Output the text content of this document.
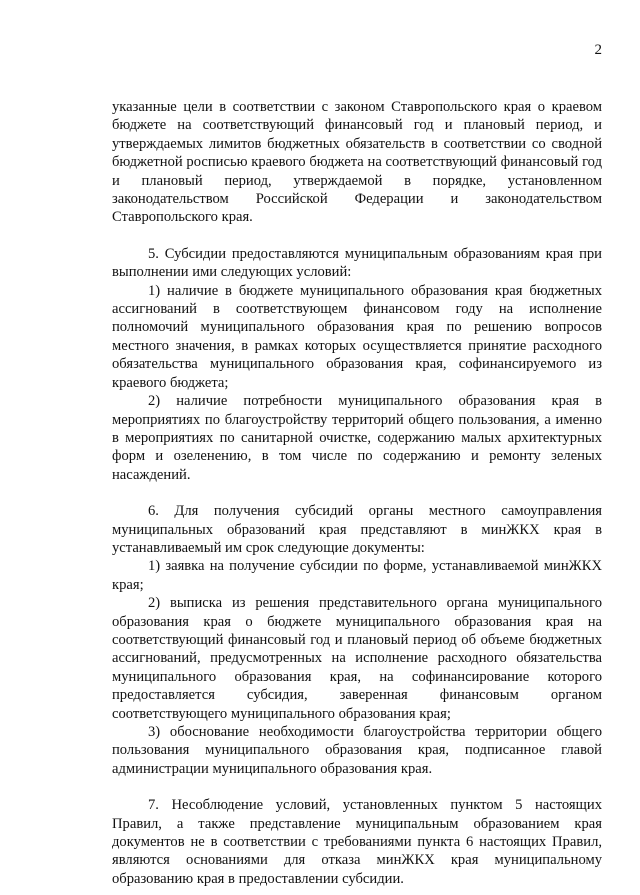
2

указанные цели в соответствии с законом Ставропольского края о краевом бюджете на соответствующий финансовый год и плановый период, и утверждаемых лимитов бюджетных обязательств в соответствии со сводной бюджетной росписью краевого бюджета на соответствующий финансовый год и плановый период, утверждаемой в порядке, установленном законодательством Российской Федерации и законодательством Ставропольского края.

5. Субсидии предоставляются муниципальным образованиям края при выполнении ими следующих условий:

1) наличие в бюджете муниципального образования края бюджетных ассигнований в соответствующем финансовом году на исполнение полномочий муниципального образования края по решению вопросов местного значения, в рамках которых осуществляется принятие расходного обязательства муниципального образования края, софинансируемого из краевого бюджета;

2) наличие потребности муниципального образования края в мероприятиях по благоустройству территорий общего пользования, а именно в мероприятиях по санитарной очистке, содержанию малых архитектурных форм и озеленению, в том числе по содержанию и ремонту зеленых насаждений.

6. Для получения субсидий органы местного самоуправления муниципальных образований края представляют в минЖКХ края в устанавливаемый им срок следующие документы:

1) заявка на получение субсидии по форме, устанавливаемой минЖКХ края;

2) выписка из решения представительного органа муниципального образования края о бюджете муниципального образования края на соответствующий финансовый год и плановый период об объеме бюджетных ассигнований, предусмотренных на исполнение расходного обязательства муниципального образования края, на софинансирование которого предоставляется субсидия, заверенная финансовым органом соответствующего муниципального образования края;

3) обоснование необходимости благоустройства территории общего пользования муниципального образования края, подписанное главой администрации муниципального образования края.

7. Несоблюдение условий, установленных пунктом 5 настоящих Правил, а также представление муниципальным образованием края документов не в соответствии с требованиями пункта 6 настоящих Правил, являются основаниями для отказа минЖКХ края муниципальному образованию края в предоставлении субсидии.
